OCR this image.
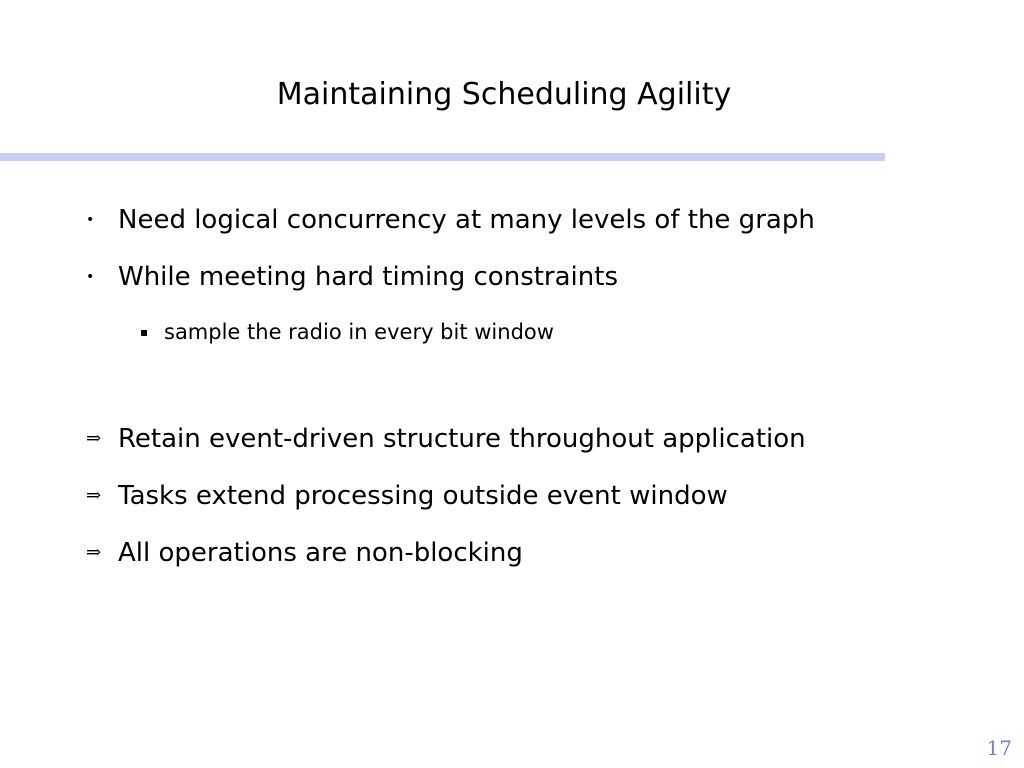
Maintaining Scheduling Agility
• Need logical concurrency at many levels of the graph
• While meeting hard timing constraints
▪ sample the radio in every bit window
⇒ Retain event-driven structure throughout application
⇒ Tasks extend processing outside event window
⇒ All operations are non-blocking
17
